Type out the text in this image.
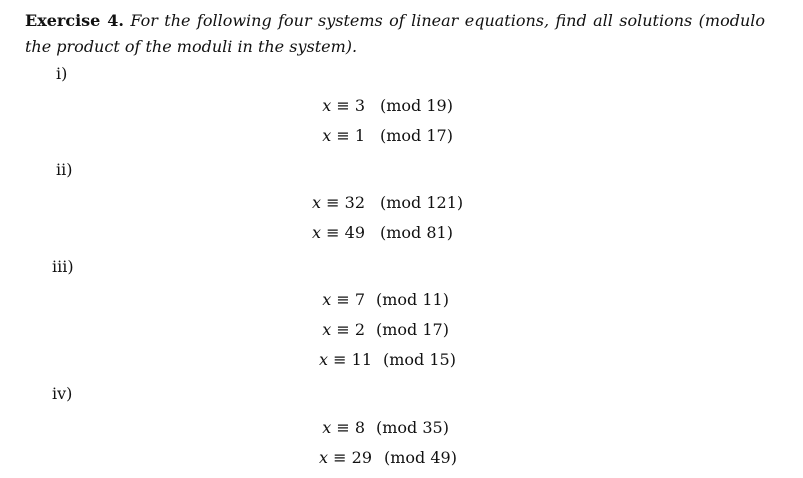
Exercise 4. For the following four systems of linear equations, find all solutions (modulo the product of the moduli in the system).
i)
x ≡ 3 (mod 19)
x ≡ 1 (mod 17)
ii)
x ≡ 32 (mod 121)
x ≡ 49 (mod 81)
iii)
x ≡ 7 (mod 11)
x ≡ 2 (mod 17)
x ≡ 11 (mod 15)
iv)
x ≡ 8 (mod 35)
x ≡ 29 (mod 49)
